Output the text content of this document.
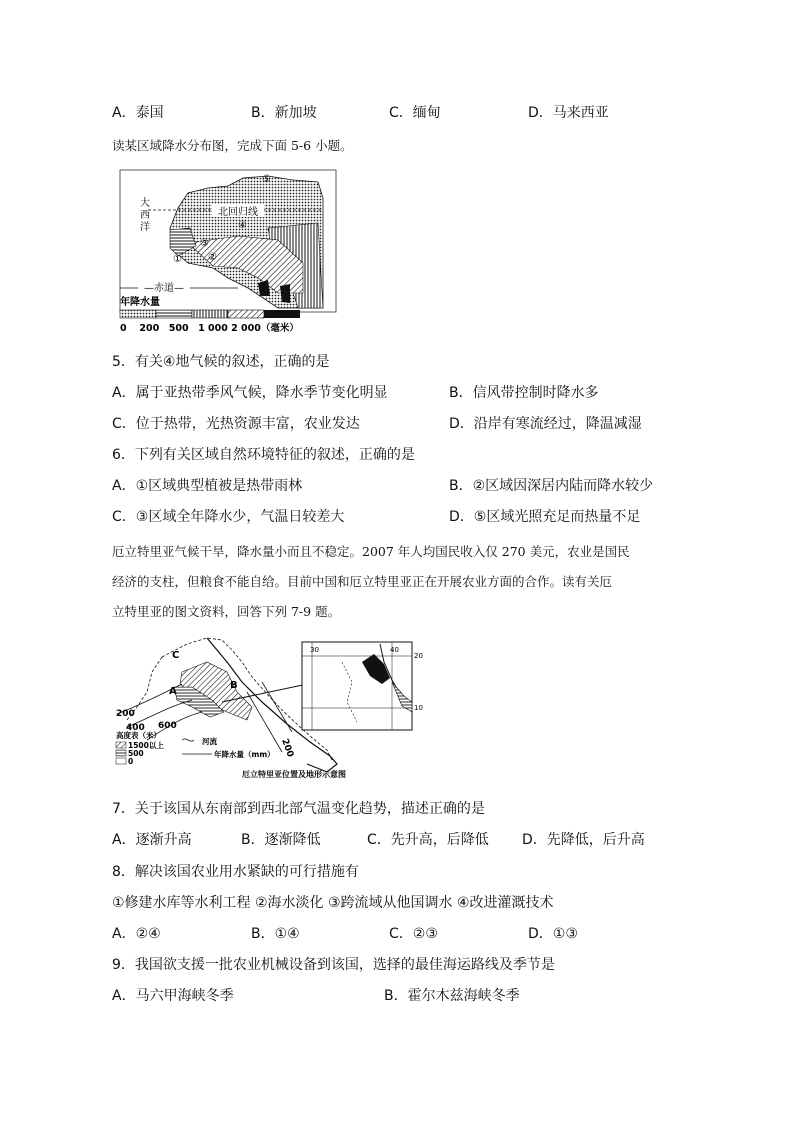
A．泰国	B．新加坡	C．缅甸	D．马来西亚
读某区域降水分布图，完成下面 5-6 小题。
北回归线
—赤道—
大
西
洋
①	②
③
④
⑤
年降水量
0　 200　500　1 000 2 000（毫米）
5．有关④地气候的叙述，正确的是
A．属于亚热带季风气候，降水季节变化明显	B．信风带控制时降水多
C．位于热带，光热资源丰富，农业发达	D．沿岸有寒流经过，降温减湿
6．下列有关区域自然环境特征的叙述，正确的是
A．①区域典型植被是热带雨林	B．②区域因深居内陆而降水较少
C．③区域全年降水少，气温日较差大	D．⑤区域光照充足而热量不足
厄立特里亚气候干旱，降水量小而且不稳定。2007 年人均国民收入仅 270 美元，农业是国民
经济的支柱，但粮食不能自给。目前中国和厄立特里亚正在开展农业方面的合作。读有关厄
立特里亚的图文资料，回答下列 7-9 题。
200
400 600
200
A
B
C
高度表（米）
1500以上
500
0
河流
年降水量（mm）
厄立特里亚位置及地形示意图
30	40
20
10
7．关于该国从东南部到西北部气温变化趋势，描述正确的是
A．逐渐升高	B．逐渐降低	C．先升高，后降低 D．先降低，后升高
8．解决该国农业用水紧缺的可行措施有
①修建水库等水利工程 ②海水淡化 ③跨流域从他国调水 ④改进灌溉技术
A．②④	B．①④	C．②③	D．①③
9．我国欲支援一批农业机械设备到该国，选择的最佳海运路线及季节是
A．马六甲海峡冬季	B．霍尔木兹海峡冬季
